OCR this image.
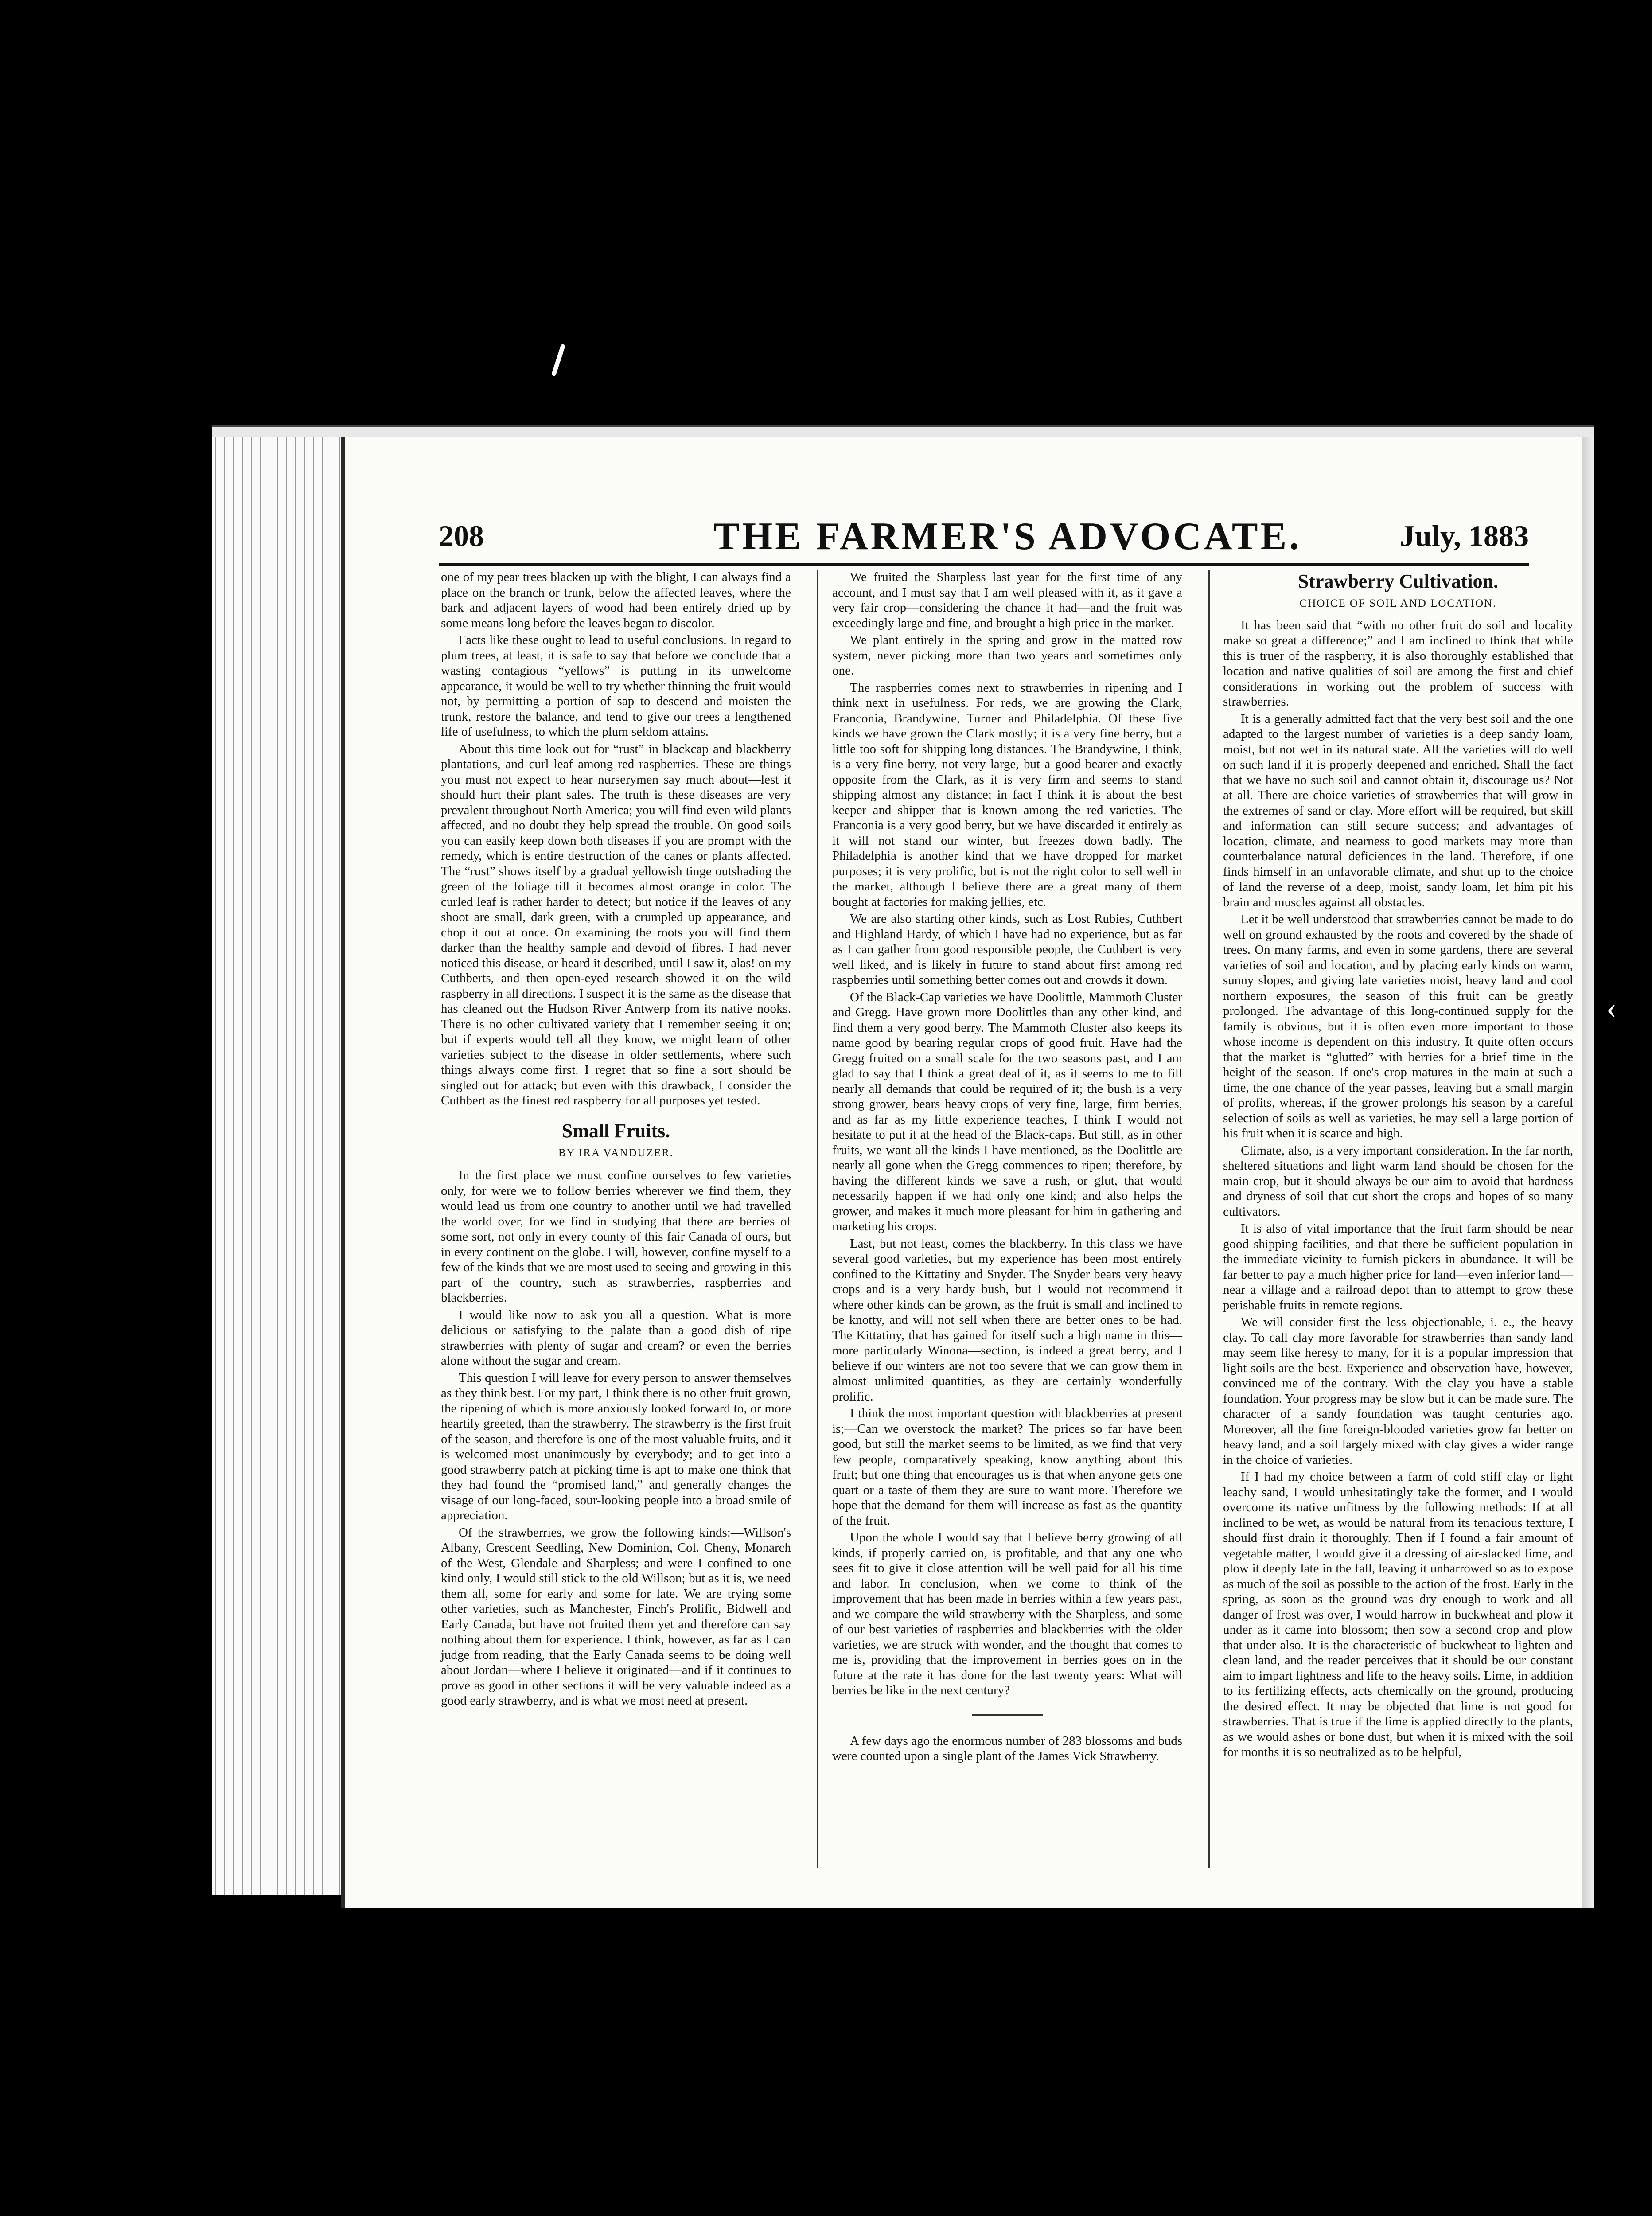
‹
208	THE FARMER'S ADVOCATE.	July, 1883

one of my pear trees blacken up with the blight, I can always find a place on the branch or trunk, below the affected leaves, where the bark and adjacent layers of wood had been entirely dried up by some means long before the leaves began to discolor.

Facts like these ought to lead to useful conclusions. In regard to plum trees, at least, it is safe to say that before we conclude that a wasting contagious “yellows” is putting in its unwelcome appearance, it would be well to try whether thinning the fruit would not, by permitting a portion of sap to descend and moisten the trunk, restore the balance, and tend to give our trees a lengthened life of usefulness, to which the plum seldom attains.

About this time look out for “rust” in blackcap and blackberry plantations, and curl leaf among red raspberries. These are things you must not expect to hear nurserymen say much about—lest it should hurt their plant sales. The truth is these diseases are very prevalent throughout North America; you will find even wild plants affected, and no doubt they help spread the trouble. On good soils you can easily keep down both diseases if you are prompt with the remedy, which is entire destruction of the canes or plants affected. The “rust” shows itself by a gradual yellowish tinge outshading the green of the foliage till it becomes almost orange in color. The curled leaf is rather harder to detect; but notice if the leaves of any shoot are small, dark green, with a crumpled up appearance, and chop it out at once. On examining the roots you will find them darker than the healthy sample and devoid of fibres. I had never noticed this disease, or heard it described, until I saw it, alas! on my Cuthberts, and then open-eyed research showed it on the wild raspberry in all directions. I suspect it is the same as the disease that has cleaned out the Hudson River Antwerp from its native nooks. There is no other cultivated variety that I remember seeing it on; but if experts would tell all they know, we might learn of other varieties subject to the disease in older settlements, where such things always come first. I regret that so fine a sort should be singled out for attack; but even with this drawback, I consider the Cuthbert as the finest red raspberry for all purposes yet tested.

Small Fruits.
BY IRA VANDUZER.

In the first place we must confine ourselves to few varieties only, for were we to follow berries wherever we find them, they would lead us from one country to another until we had travelled the world over, for we find in studying that there are berries of some sort, not only in every county of this fair Canada of ours, but in every continent on the globe. I will, however, confine myself to a few of the kinds that we are most used to seeing and growing in this part of the country, such as strawberries, raspberries and blackberries.

I would like now to ask you all a question. What is more delicious or satisfying to the palate than a good dish of ripe strawberries with plenty of sugar and cream? or even the berries alone without the sugar and cream.

This question I will leave for every person to answer themselves as they think best. For my part, I think there is no other fruit grown, the ripening of which is more anxiously looked forward to, or more heartily greeted, than the strawberry. The strawberry is the first fruit of the season, and therefore is one of the most valuable fruits, and it is welcomed most unanimously by everybody; and to get into a good strawberry patch at picking time is apt to make one think that they had found the “promised land,” and generally changes the visage of our long-faced, sour-looking people into a broad smile of appreciation.

Of the strawberries, we grow the following kinds:—Willson's Albany, Crescent Seedling, New Dominion, Col. Cheny, Monarch of the West, Glendale and Sharpless; and were I confined to one kind only, I would still stick to the old Willson; but as it is, we need them all, some for early and some for late. We are trying some other varieties, such as Manchester, Finch's Prolific, Bidwell and Early Canada, but have not fruited them yet and therefore can say nothing about them for experience. I think, however, as far as I can judge from reading, that the Early Canada seems to be doing well about Jordan—where I believe it originated—and if it continues to prove as good in other sections it will be very valuable indeed as a good early strawberry, and is what we most need at present.

We fruited the Sharpless last year for the first time of any account, and I must say that I am well pleased with it, as it gave a very fair crop—considering the chance it had—and the fruit was exceedingly large and fine, and brought a high price in the market.

We plant entirely in the spring and grow in the matted row system, never picking more than two years and sometimes only one.

The raspberries comes next to strawberries in ripening and I think next in usefulness. For reds, we are growing the Clark, Franconia, Brandywine, Turner and Philadelphia. Of these five kinds we have grown the Clark mostly; it is a very fine berry, but a little too soft for shipping long distances. The Brandywine, I think, is a very fine berry, not very large, but a good bearer and exactly opposite from the Clark, as it is very firm and seems to stand shipping almost any distance; in fact I think it is about the best keeper and shipper that is known among the red varieties. The Franconia is a very good berry, but we have discarded it entirely as it will not stand our winter, but freezes down badly. The Philadelphia is another kind that we have dropped for market purposes; it is very prolific, but is not the right color to sell well in the market, although I believe there are a great many of them bought at factories for making jellies, etc.

We are also starting other kinds, such as Lost Rubies, Cuthbert and Highland Hardy, of which I have had no experience, but as far as I can gather from good responsible people, the Cuthbert is very well liked, and is likely in future to stand about first among red raspberries until something better comes out and crowds it down.

Of the Black-Cap varieties we have Doolittle, Mammoth Cluster and Gregg. Have grown more Doolittles than any other kind, and find them a very good berry. The Mammoth Cluster also keeps its name good by bearing regular crops of good fruit. Have had the Gregg fruited on a small scale for the two seasons past, and I am glad to say that I think a great deal of it, as it seems to me to fill nearly all demands that could be required of it; the bush is a very strong grower, bears heavy crops of very fine, large, firm berries, and as far as my little experience teaches, I think I would not hesitate to put it at the head of the Black-caps. But still, as in other fruits, we want all the kinds I have mentioned, as the Doolittle are nearly all gone when the Gregg commences to ripen; therefore, by having the different kinds we save a rush, or glut, that would necessarily happen if we had only one kind; and also helps the grower, and makes it much more pleasant for him in gathering and marketing his crops.

Last, but not least, comes the blackberry. In this class we have several good varieties, but my experience has been most entirely confined to the Kittatiny and Snyder. The Snyder bears very heavy crops and is a very hardy bush, but I would not recommend it where other kinds can be grown, as the fruit is small and inclined to be knotty, and will not sell when there are better ones to be had. The Kittatiny, that has gained for itself such a high name in this—more particularly Winona—section, is indeed a great berry, and I believe if our winters are not too severe that we can grow them in almost unlimited quantities, as they are certainly wonderfully prolific.

I think the most important question with blackberries at present is;—Can we overstock the market? The prices so far have been good, but still the market seems to be limited, as we find that very few people, comparatively speaking, know anything about this fruit; but one thing that encourages us is that when anyone gets one quart or a taste of them they are sure to want more. Therefore we hope that the demand for them will increase as fast as the quantity of the fruit.

Upon the whole I would say that I believe berry growing of all kinds, if properly carried on, is profitable, and that any one who sees fit to give it close attention will be well paid for all his time and labor. In conclusion, when we come to think of the improvement that has been made in berries within a few years past, and we compare the wild strawberry with the Sharpless, and some of our best varieties of raspberries and blackberries with the older varieties, we are struck with wonder, and the thought that comes to me is, providing that the improvement in berries goes on in the future at the rate it has done for the last twenty years: What will berries be like in the next century?

A few days ago the enormous number of 283 blossoms and buds were counted upon a single plant of the James Vick Strawberry.

Strawberry Cultivation.
CHOICE OF SOIL AND LOCATION.

It has been said that “with no other fruit do soil and locality make so great a difference;” and I am inclined to think that while this is truer of the raspberry, it is also thoroughly established that location and native qualities of soil are among the first and chief considerations in working out the problem of success with strawberries.

It is a generally admitted fact that the very best soil and the one adapted to the largest number of varieties is a deep sandy loam, moist, but not wet in its natural state. All the varieties will do well on such land if it is properly deepened and enriched. Shall the fact that we have no such soil and cannot obtain it, discourage us? Not at all. There are choice varieties of strawberries that will grow in the extremes of sand or clay. More effort will be required, but skill and information can still secure success; and advantages of location, climate, and nearness to good markets may more than counterbalance natural deficiences in the land. Therefore, if one finds himself in an unfavorable climate, and shut up to the choice of land the reverse of a deep, moist, sandy loam, let him pit his brain and muscles against all obstacles.

Let it be well understood that strawberries cannot be made to do well on ground exhausted by the roots and covered by the shade of trees. On many farms, and even in some gardens, there are several varieties of soil and location, and by placing early kinds on warm, sunny slopes, and giving late varieties moist, heavy land and cool northern exposures, the season of this fruit can be greatly prolonged. The advantage of this long-continued supply for the family is obvious, but it is often even more important to those whose income is dependent on this industry. It quite often occurs that the market is “glutted” with berries for a brief time in the height of the season. If one's crop matures in the main at such a time, the one chance of the year passes, leaving but a small margin of profits, whereas, if the grower prolongs his season by a careful selection of soils as well as varieties, he may sell a large portion of his fruit when it is scarce and high.

Climate, also, is a very important consideration. In the far north, sheltered situations and light warm land should be chosen for the main crop, but it should always be our aim to avoid that hardness and dryness of soil that cut short the crops and hopes of so many cultivators.

It is also of vital importance that the fruit farm should be near good shipping facilities, and that there be sufficient population in the immediate vicinity to furnish pickers in abundance. It will be far better to pay a much higher price for land—even inferior land—near a village and a railroad depot than to attempt to grow these perishable fruits in remote regions.

We will consider first the less objectionable, i. e., the heavy clay. To call clay more favorable for strawberries than sandy land may seem like heresy to many, for it is a popular impression that light soils are the best. Experience and observation have, however, convinced me of the contrary. With the clay you have a stable foundation. Your progress may be slow but it can be made sure. The character of a sandy foundation was taught centuries ago. Moreover, all the fine foreign-blooded varieties grow far better on heavy land, and a soil largely mixed with clay gives a wider range in the choice of varieties.

If I had my choice between a farm of cold stiff clay or light leachy sand, I would unhesitatingly take the former, and I would overcome its native unfitness by the following methods: If at all inclined to be wet, as would be natural from its tenacious texture, I should first drain it thoroughly. Then if I found a fair amount of vegetable matter, I would give it a dressing of air-slacked lime, and plow it deeply late in the fall, leaving it unharrowed so as to expose as much of the soil as possible to the action of the frost. Early in the spring, as soon as the ground was dry enough to work and all danger of frost was over, I would harrow in buckwheat and plow it under as it came into blossom; then sow a second crop and plow that under also. It is the characteristic of buckwheat to lighten and clean land, and the reader perceives that it should be our constant aim to impart lightness and life to the heavy soils. Lime, in addition to its fertilizing effects, acts chemically on the ground, producing the desired effect. It may be objected that lime is not good for strawberries. That is true if the lime is applied directly to the plants, as we would ashes or bone dust, but when it is mixed with the soil for months it is so neutralized as to be helpful,
